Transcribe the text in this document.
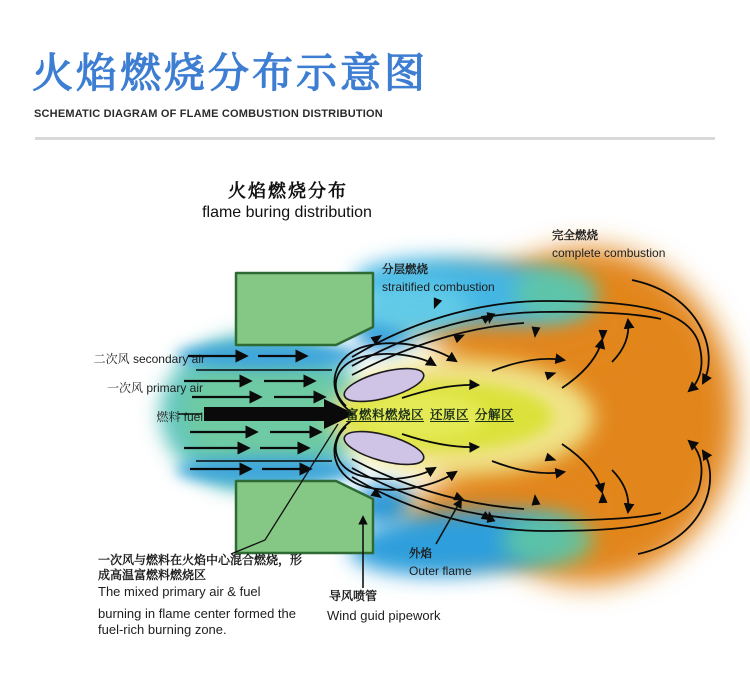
火焰燃烧分布示意图
SCHEMATIC DIAGRAM OF FLAME COMBUSTION DISTRIBUTION
火焰燃烧分布
flame buring distribution
完全燃烧
complete combustion
分层燃烧
straitified combustion
二次风 secondary air
一次风 primary air
燃料 fuel	富燃料燃烧区 还原区 分解区
外焰
Outer flame
导风喷管
Wind guid pipework
一次风与燃料在火焰中心混合燃烧，形
成高温富燃料燃烧区
The mixed primary air & fuel
burning in flame center formed the
fuel-rich burning zone.
